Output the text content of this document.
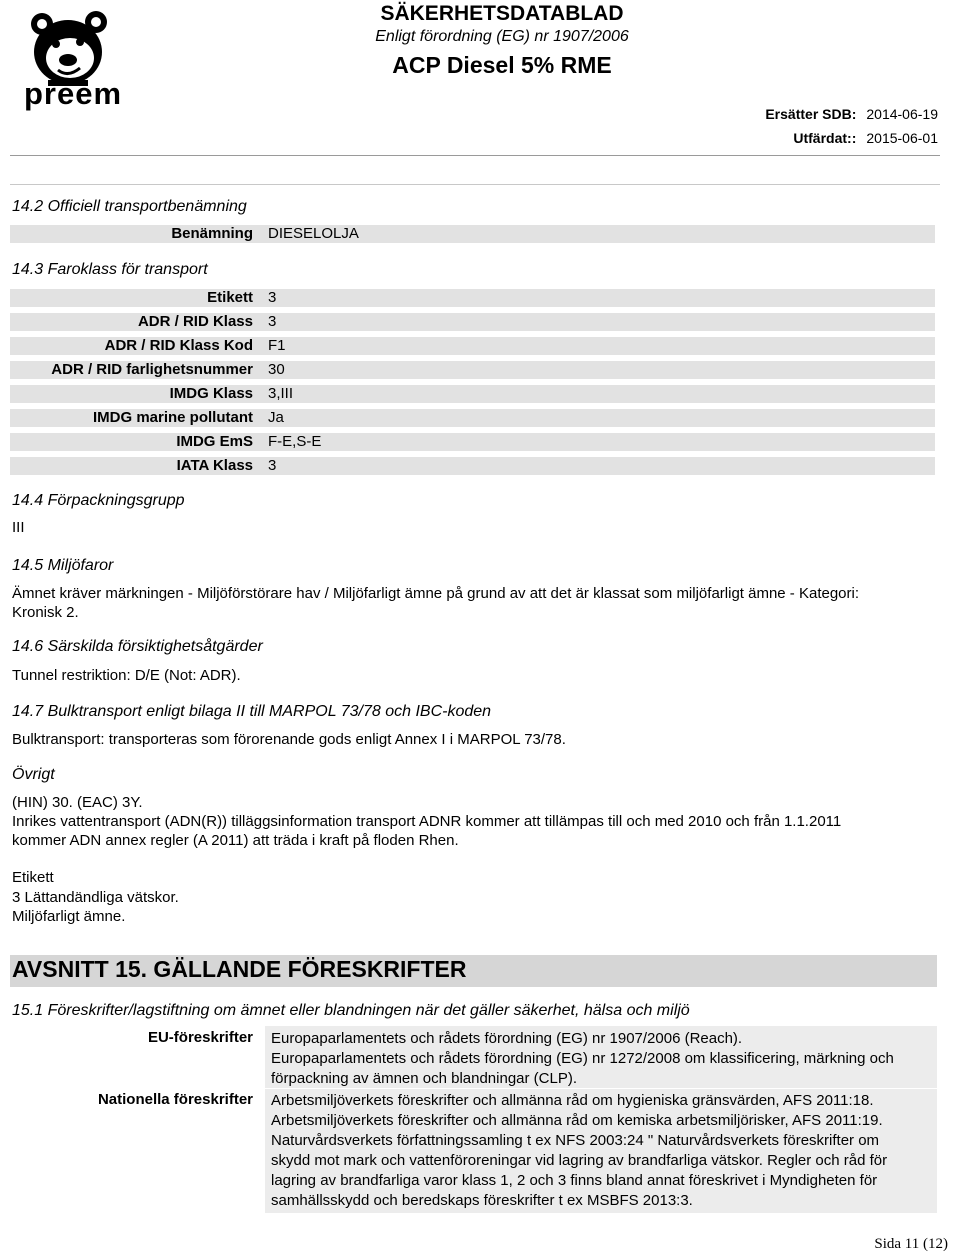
preem
SÄKERHETSDATABLAD
Enligt förordning (EG) nr 1907/2006
ACP Diesel 5% RME
Ersätter SDB: 2014-06-19
Utfärdat:: 2015-06-01
14.2 Officiell transportbenämning
Benämning DIESELOLJA
14.3 Faroklass för transport
Etikett 3
ADR / RID Klass 3
ADR / RID Klass Kod F1
ADR / RID farlighetsnummer 30
IMDG Klass 3,III
IMDG marine pollutant Ja
IMDG EmS F-E,S-E
IATA Klass 3
14.4 Förpackningsgrupp
III
14.5 Miljöfaror
Ämnet kräver märkningen - Miljöförstörare hav / Miljöfarligt ämne på grund av att det är klassat som miljöfarligt ämne - Kategori:
Kronisk 2.
14.6 Särskilda försiktighetsåtgärder
Tunnel restriktion: D/E (Not: ADR).
14.7 Bulktransport enligt bilaga II till MARPOL 73/78 och IBC-koden
Bulktransport: transporteras som förorenande gods enligt Annex I i MARPOL 73/78.
Övrigt
(HIN) 30. (EAC) 3Y.
Inrikes vattentransport (ADN(R)) tilläggsinformation transport ADNR kommer att tillämpas till och med 2010 och från 1.1.2011
kommer ADN annex regler (A 2011) att träda i kraft på floden Rhen.
Etikett
3 Lättandändliga vätskor.
Miljöfarligt ämne.
AVSNITT 15. GÄLLANDE FÖRESKRIFTER
15.1 Föreskrifter/lagstiftning om ämnet eller blandningen när det gäller säkerhet, hälsa och miljö
EU-föreskrifter Europaparlamentets och rådets förordning (EG) nr 1907/2006 (Reach).
Europaparlamentets och rådets förordning (EG) nr 1272/2008 om klassificering, märkning och
förpackning av ämnen och blandningar (CLP).
Nationella föreskrifter Arbetsmiljöverkets föreskrifter och allmänna råd om hygieniska gränsvärden, AFS 2011:18.
Arbetsmiljöverkets föreskrifter och allmänna råd om kemiska arbetsmiljörisker, AFS 2011:19.
Naturvårdsverkets författningssamling t ex NFS 2003:24 " Naturvårdsverkets föreskrifter om
skydd mot mark och vattenföroreningar vid lagring av brandfarliga vätskor. Regler och råd för
lagring av brandfarliga varor klass 1, 2 och 3 finns bland annat föreskrivet i Myndigheten för
samhällsskydd och beredskaps föreskrifter t ex MSBFS 2013:3.
Sida 11 (12)
